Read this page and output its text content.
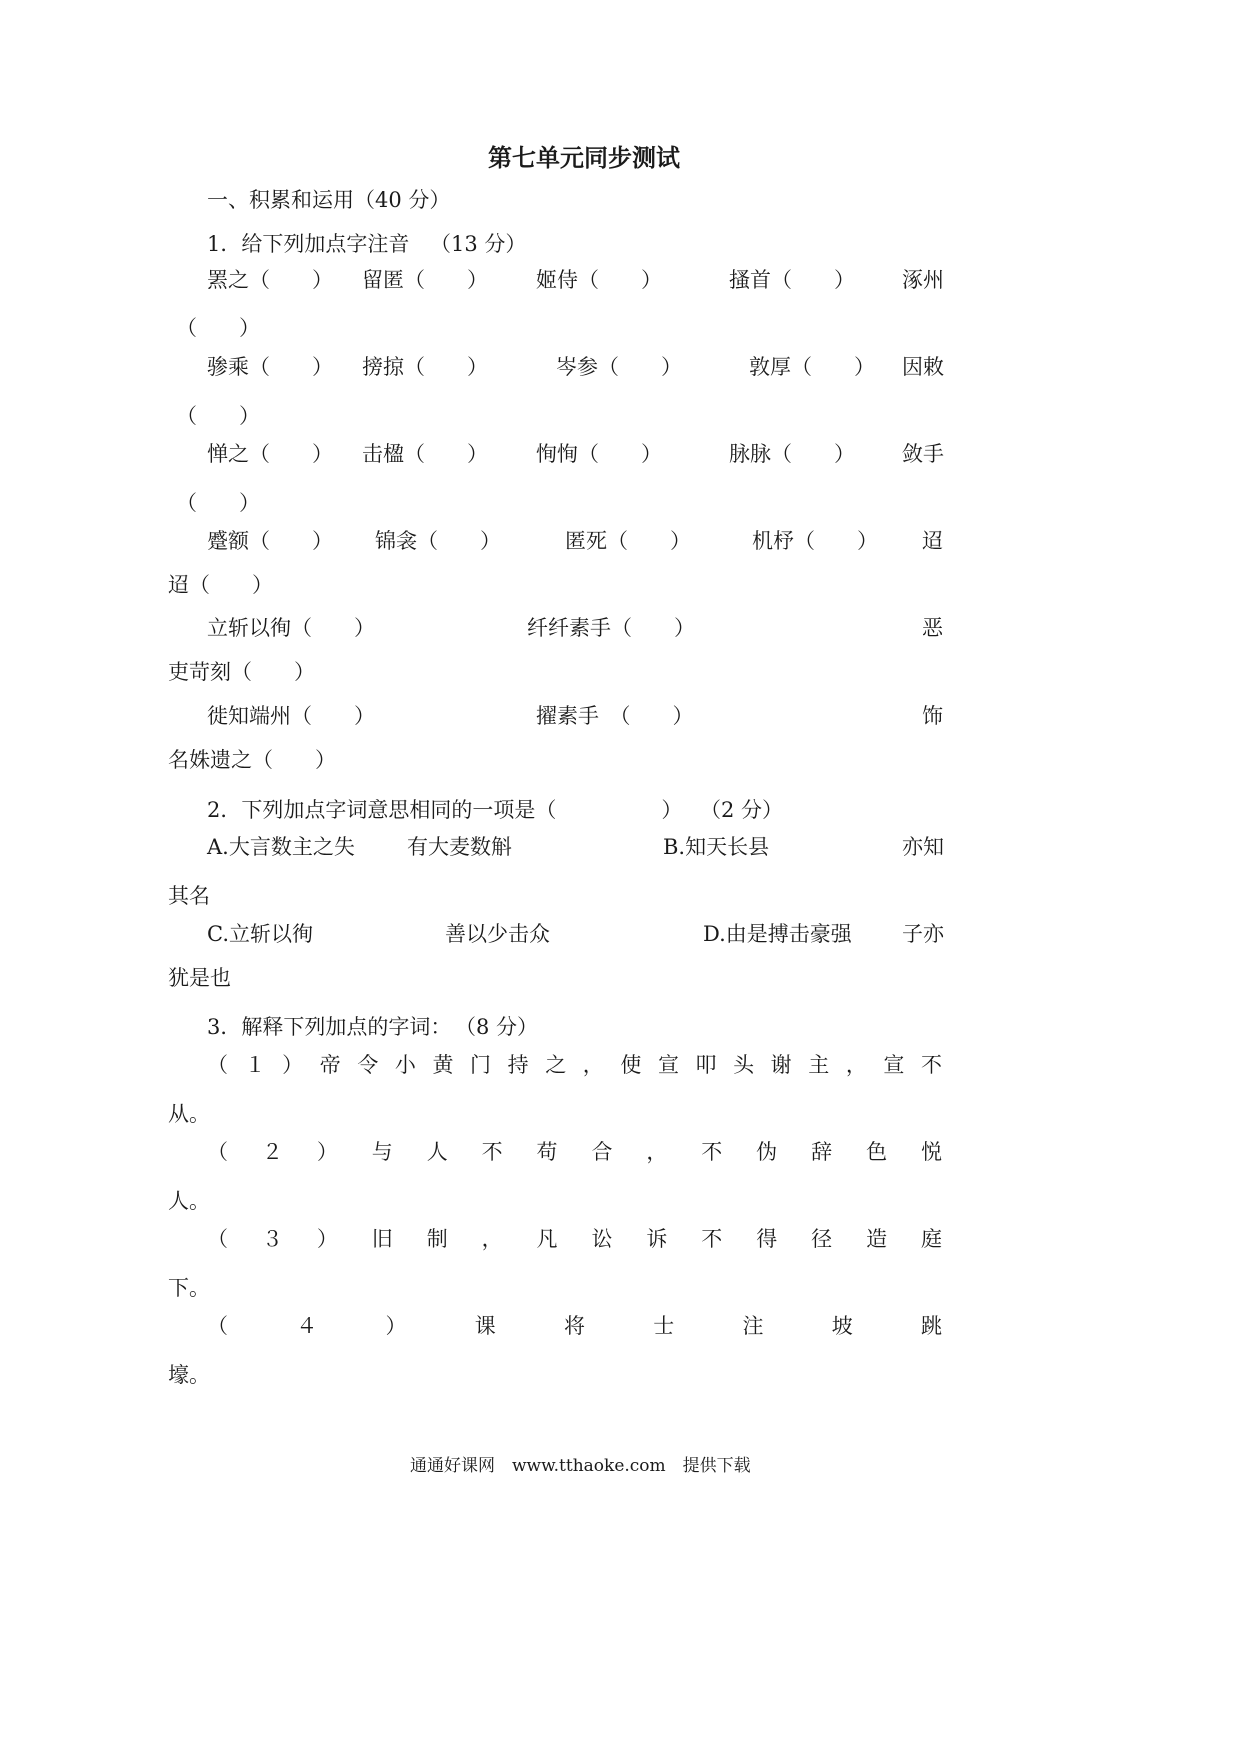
第七单元同步测试
一、积累和运用（40 分）
1．给下列加点字注音 （13 分）
罴之（　　） 留匿（　　） 姬侍（　　）	搔首（　　） 涿州
（　　）
骖乘（　　） 搒掠（　　）	岑参（　　）	敦厚（　　） 因敕
（　　）
惮之（　　） 击楹（　　） 恂恂（　　）	脉脉（　　） 敛手
（　　）
蹙额（　　） 锦衾（　　）	匿死（　　）	机杼（　　） 迢
迢（　　）
立斩以徇（　　）	纤纤素手（　　）	恶
吏苛刻（　　）
徙知端州（　　）	擢素手　（　　）	饰
名姝遗之（　　）
2．下列加点字词意思相同的一项是（　　　　　） （2 分）
A.大言数主之失 有大麦数斛	B.知天长县	亦知
其名
C.立斩以徇	善以少击众	D.由是搏击豪强 子亦
犹是也
3．解释下列加点的字词： （8 分）
（ １ ） 帝 令 小 黄 门 持 之 ， 使 宣 叩 头 谢 主 ， 宣 不
从。
（ ２ ） 与 人 不 苟 合 ， 不 伪 辞 色 悦
人。
（ ３ ） 旧 制 ， 凡 讼 诉 不 得 径 造 庭
下。
（	４	）	课	将	士	注	坡	跳
壕。
通通好课网　www.tthaoke.com　提供下载
